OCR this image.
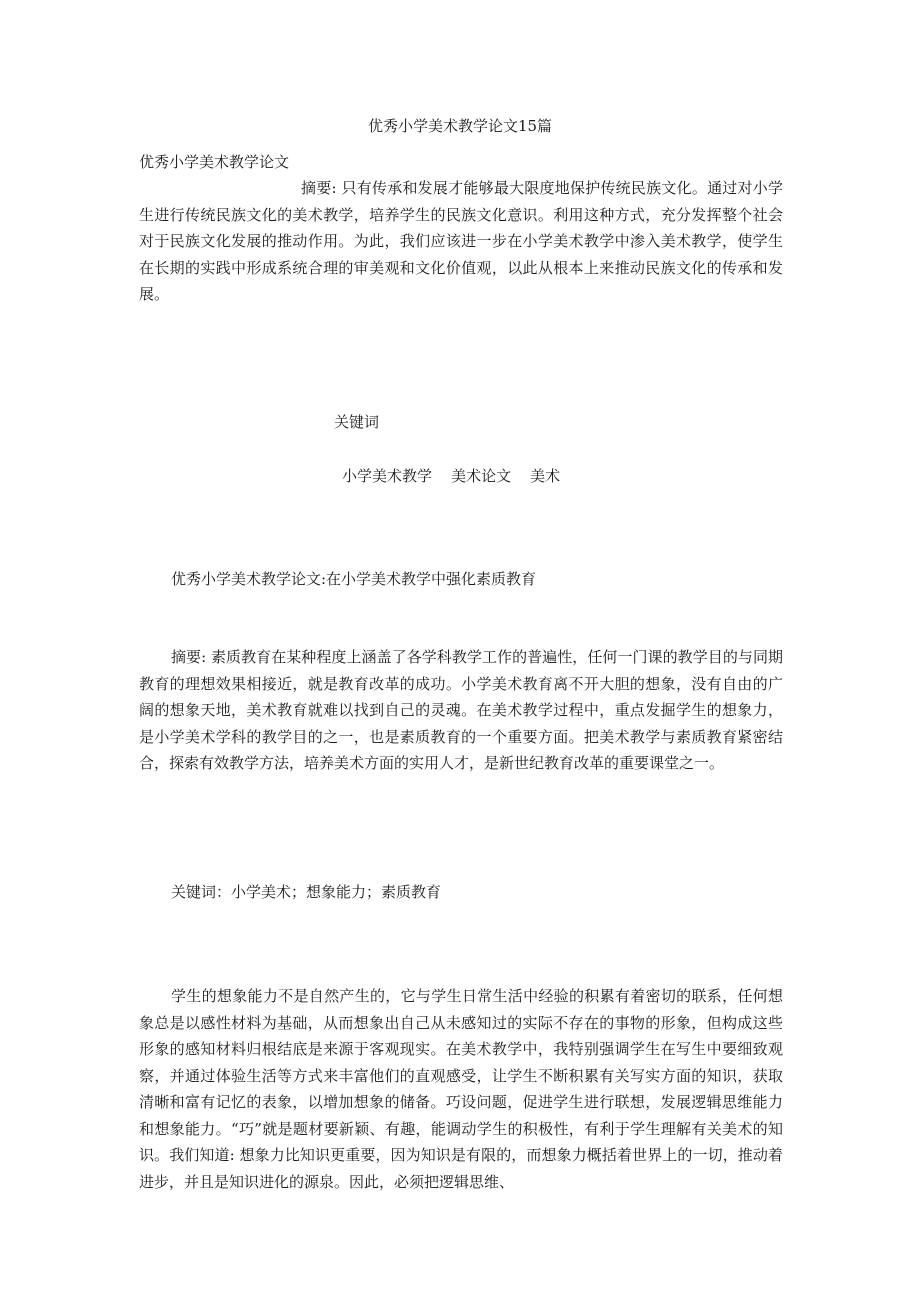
优秀小学美术教学论文15篇
优秀小学美术教学论文

摘要: 只有传承和发展才能够最大限度地保护传统民族文化。通过对小学生进行传统民族文化的美术教学，培养学生的民族文化意识。利用这种方式，充分发挥整个社会对于民族文化发展的推动作用。为此，我们应该进一步在小学美术教学中渗入美术教学，使学生在长期的实践中形成系统合理的审美观和文化价值观，以此从根本上来推动民族文化的传承和发展。

关键词
小学美术教学    美术论文    美术
优秀小学美术教学论文:在小学美术教学中强化素质教育

摘要: 素质教育在某种程度上涵盖了各学科教学工作的普遍性，任何一门课的教学目的与同期教育的理想效果相接近，就是教育改革的成功。小学美术教育离不开大胆的想象，没有自由的广阔的想象天地，美术教育就难以找到自己的灵魂。在美术教学过程中，重点发掘学生的想象力，是小学美术学科的教学目的之一，也是素质教育的一个重要方面。把美术教学与素质教育紧密结合，探索有效教学方法，培养美术方面的实用人才，是新世纪教育改革的重要课堂之一。

关键词：小学美术；想象能力；素质教育

学生的想象能力不是自然产生的，它与学生日常生活中经验的积累有着密切的联系，任何想象总是以感性材料为基础，从而想象出自己从未感知过的实际不存在的事物的形象，但构成这些形象的感知材料归根结底是来源于客观现实。在美术教学中，我特别强调学生在写生中要细致观察，并通过体验生活等方式来丰富他们的直观感受，让学生不断积累有关写实方面的知识，获取清晰和富有记忆的表象，以增加想象的储备。巧设问题，促进学生进行联想，发展逻辑思维能力和想象能力。“巧”就是题材要新颖、有趣，能调动学生的积极性，有利于学生理解有关美术的知识。我们知道: 想象力比知识更重要，因为知识是有限的，而想象力概括着世界上的一切，推动着进步，并且是知识进化的源泉。因此，必须把逻辑思维、
